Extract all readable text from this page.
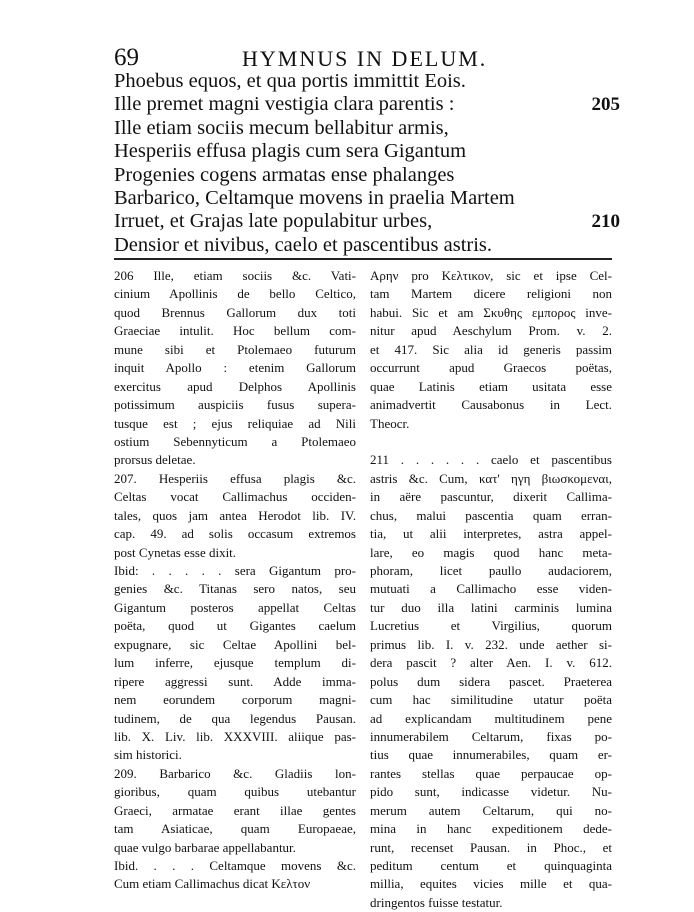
69	HYMNUS IN DELUM.
Phoebus equos, et qua portis immittit Eois.
Ille premet magni vestigia clara parentis :	205
Ille etiam sociis mecum bellabitur armis,
Hesperiis effusa plagis cum sera Gigantum
Progenies cogens armatas ense phalanges
Barbarico, Celtamque movens in praelia Martem
Irruet, et Grajas late populabitur urbes,	210
Densior et nivibus, caelo et pascentibus astris.
206 Ille, etiam sociis &c. Vati-
cinium Apollinis de bello Celtico,
quod Brennus Gallorum dux toti
Graeciae intulit. Hoc bellum com-
mune sibi et Ptolemaeo futurum
inquit Apollo : etenim Gallorum
exercitus apud Delphos Apollinis
potissimum auspiciis fusus supera-
tusque est ; ejus reliquiae ad Nili
ostium Sebennyticum a Ptolemaeo
prorsus deletae.
207. Hesperiis effusa plagis &c.
Celtas vocat Callimachus occiden-
tales, quos jam antea Herodot lib. IV.
cap. 49. ad solis occasum extremos
post Cynetas esse dixit.
Ibid: . . . . . sera Gigantum pro-
genies &c. Titanas sero natos, seu
Gigantum posteros appellat Celtas
poëta, quod ut Gigantes caelum
expugnare, sic Celtae Apollini bel-
lum inferre, ejusque templum di-
ripere aggressi sunt. Adde imma-
nem eorundem corporum magni-
tudinem, de qua legendus Pausan.
lib. X. Liv. lib. XXXVIII. aliique pas-
sim historici.
209. Barbarico &c. Gladiis lon-
gioribus, quam quibus utebantur
Graeci, armatae erant illae gentes
tam Asiaticae, quam Europaeae,
quae vulgo barbarae appellabantur.
Ibid. . . . Celtamque movens &c.
Cum etiam Callimachus dicat Κελτον
Αρην pro Κελτικον, sic et ipse Cel-
tam Martem dicere religioni non
habui. Sic et am Σκυθης εμπορος inve-
nitur apud Aeschylum Prom. v. 2.
et 417. Sic alia id generis passim
occurrunt apud Graecos poëtas,
quae Latinis etiam usitata esse
animadvertit Causabonus in Lect.
Theocr.
211 . . . . . . caelo et pascentibus
astris &c. Cum, κατ' ηγη βιωσκομεναι,
in aëre pascuntur, dixerit Callima-
chus, malui pascentia quam erran-
tia, ut alii interpretes, astra appel-
lare, eo magis quod hanc meta-
phoram, licet paullo audaciorem,
mutuati a Callimacho esse viden-
tur duo illa latini carminis lumina
Lucretius et Virgilius, quorum
primus lib. I. v. 232. unde aether si-
dera pascit ? alter Aen. I. v. 612.
polus dum sidera pascet. Praeterea
cum hac similitudine utatur poëta
ad explicandam multitudinem pene
innumerabilem Celtarum, fixas po-
tius quae innumerabiles, quam er-
rantes stellas quae perpaucae op-
pido sunt, indicasse videtur. Nu-
merum autem Celtarum, qui no-
mina in hanc expeditionem dede-
runt, recenset Pausan. in Phoc., et
peditum centum et quinquaginta
millia, equites vicies mille et qua-
dringentos fuisse testatur.
